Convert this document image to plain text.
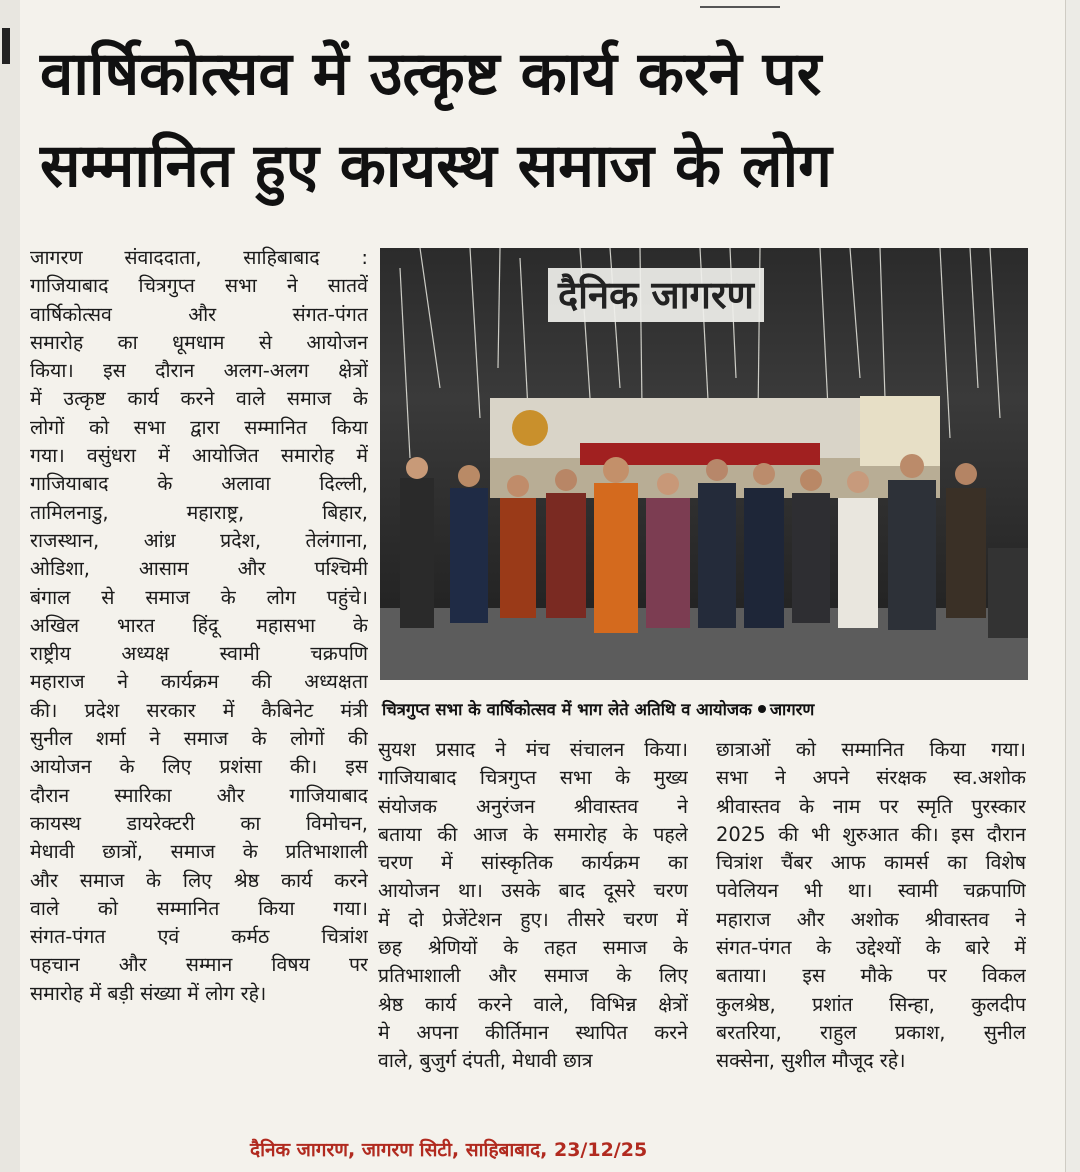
वार्षिकोत्सव में उत्कृष्ट कार्य करने पर
सम्मानित हुए कायस्थ समाज के लोग
जागरण संवाददाता, साहिबाबाद :
गाजियाबाद चित्रगुप्त सभा ने सातवें
वार्षिकोत्सव और संगत-पंगत
समारोह का धूमधाम से आयोजन
किया। इस दौरान अलग-अलग क्षेत्रों
में उत्कृष्ट कार्य करने वाले समाज के
लोगों को सभा द्वारा सम्मानित किया
गया। वसुंधरा में आयोजित समारोह में
गाजियाबाद के अलावा दिल्ली,
तामिलनाडु, महाराष्ट्र, बिहार,
राजस्थान, आंध्र प्रदेश, तेलंगाना,
ओडिशा, आसाम और पश्चिमी
बंगाल से समाज के लोग पहुंचे।
अखिल भारत हिंदू महासभा के
राष्ट्रीय अध्यक्ष स्वामी चक्रपणि
महाराज ने कार्यक्रम की अध्यक्षता
की। प्रदेश सरकार में कैबिनेट मंत्री
सुनील शर्मा ने समाज के लोगों की
आयोजन के लिए प्रशंसा की। इस
दौरान स्मारिका और गाजियाबाद
कायस्थ डायरेक्टरी का विमोचन,
मेधावी छात्रों, समाज के प्रतिभाशाली
और समाज के लिए श्रेष्ठ कार्य करने
वाले को सम्मानित किया गया।
संगत-पंगत एवं कर्मठ चित्रांश
पहचान और सम्मान विषय पर
समारोह में बड़ी संख्या में लोग रहे।
दैनिक जागरण
चित्रगुप्त सभा के वार्षिकोत्सव में भाग लेते अतिथि व आयोजक जागरण
सुयश प्रसाद ने मंच संचालन किया।
गाजियाबाद चित्रगुप्त सभा के मुख्य
संयोजक अनुरंजन श्रीवास्तव ने
बताया की आज के समारोह के पहले
चरण में सांस्कृतिक कार्यक्रम का
आयोजन था। उसके बाद दूसरे चरण
में दो प्रेजेंटेशन हुए। तीसरे चरण में
छह श्रेणियों के तहत समाज के
प्रतिभाशाली और समाज के लिए
श्रेष्ठ कार्य करने वाले, विभिन्न क्षेत्रों
मे अपना कीर्तिमान स्थापित करने
वाले, बुजुर्ग दंपती, मेधावी छात्र
छात्राओं को सम्मानित किया गया।
सभा ने अपने संरक्षक स्व.अशोक
श्रीवास्तव के नाम पर स्मृति पुरस्कार
2025 की भी शुरुआत की। इस दौरान
चित्रांश चैंबर आफ कामर्स का विशेष
पवेलियन भी था। स्वामी चक्रपाणि
महाराज और अशोक श्रीवास्तव ने
संगत-पंगत के उद्देश्यों के बारे में
बताया। इस मौके पर विकल
कुलश्रेष्ठ, प्रशांत सिन्हा, कुलदीप
बरतरिया, राहुल प्रकाश, सुनील
सक्सेना, सुशील मौजूद रहे।
दैनिक जागरण, जागरण सिटी, साहिबाबाद, 23/12/25
